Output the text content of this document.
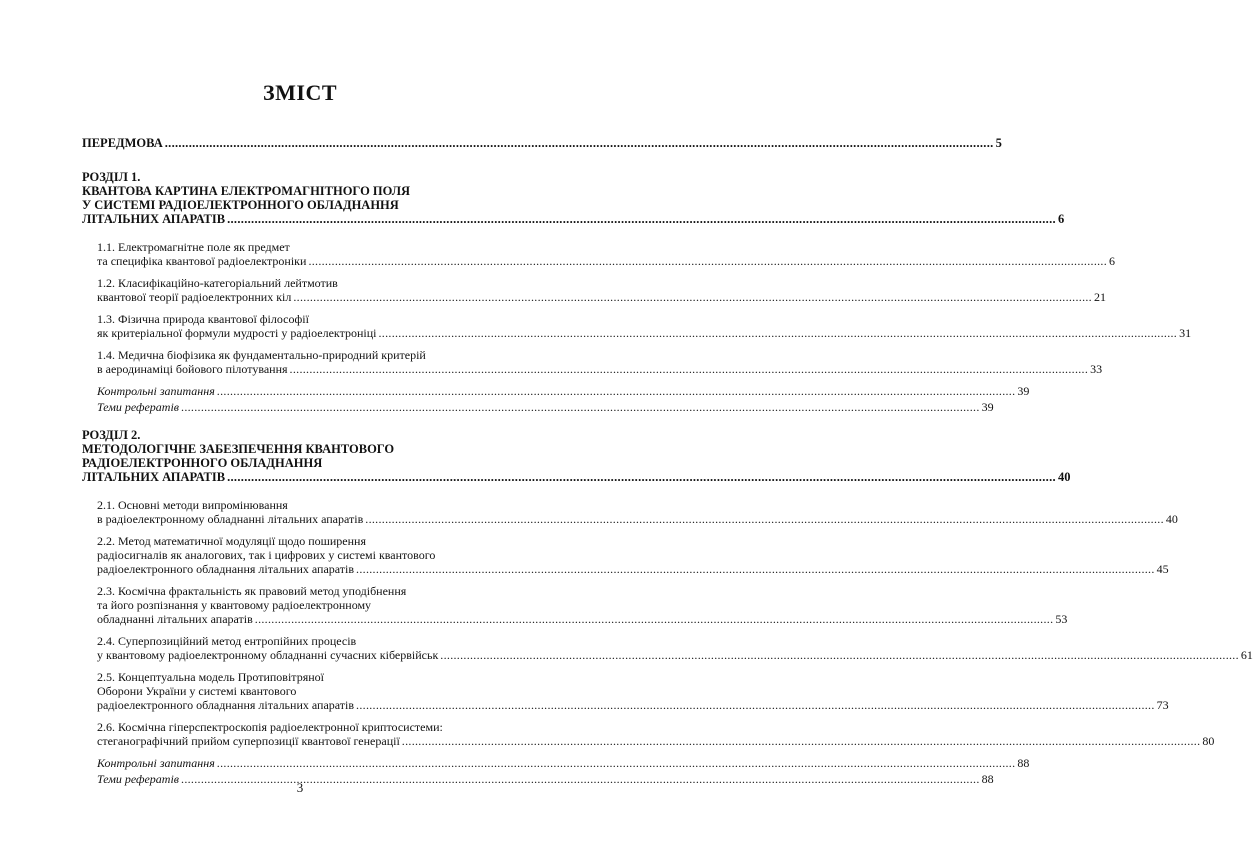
ЗМІСТ
ПЕРЕДМОВА .....	5
РОЗДІЛ 1.
КВАНТОВА КАРТИНА ЕЛЕКТРОМАГНІТНОГО ПОЛЯ
У СИСТЕМІ РАДІОЕЛЕКТРОННОГО ОБЛАДНАННЯ
ЛІТАЛЬНИХ АПАРАТІВ .....	6
1.1. Електромагнітне поле як предмет
та специфіка квантової радіоелектроніки .....	6
1.2. Класифікаційно-категоріальний лейтмотив
квантової теорії радіоелектронних кіл .....	21
1.3. Фізична природа квантової філософії
як критеріальної формули мудрості у радіоелектроніці .....	31
1.4. Медична біофізика як фундаментально-природний критерій
в аеродинаміці бойового пілотування .....	33
Контрольні запитання .....	39
Теми рефератів .....	39
РОЗДІЛ 2.
МЕТОДОЛОГІЧНЕ ЗАБЕЗПЕЧЕННЯ КВАНТОВОГО
РАДІОЕЛЕКТРОННОГО ОБЛАДНАННЯ
ЛІТАЛЬНИХ АПАРАТІВ .....	40
2.1. Основні методи випромінювання
в радіоелектронному обладнанні літальних апаратів .....	40
2.2. Метод математичної модуляції щодо поширення
радіосигналів як аналогових, так і цифрових у системі квантового
радіоелектронного обладнання літальних апаратів .....	45
2.3. Космічна фрактальність як правовий метод уподібнення
та його розпізнання у квантовому радіоелектронному
обладнанні літальних апаратів .....	53
2.4. Суперпозиційний метод ентропійних процесів
у квантовому радіоелектронному обладнанні сучасних кібервійськ .....	61
2.5. Концептуальна модель Протиповітряної
Оборони України у системі квантового
радіоелектронного обладнання літальних апаратів .....	73
2.6. Космічна гіперспектроскопія радіоелектронної криптосистеми:
стеганографічний прийом суперпозиції квантової генерації .....	80
Контрольні запитання .....	88
Теми рефератів .....	88
3
